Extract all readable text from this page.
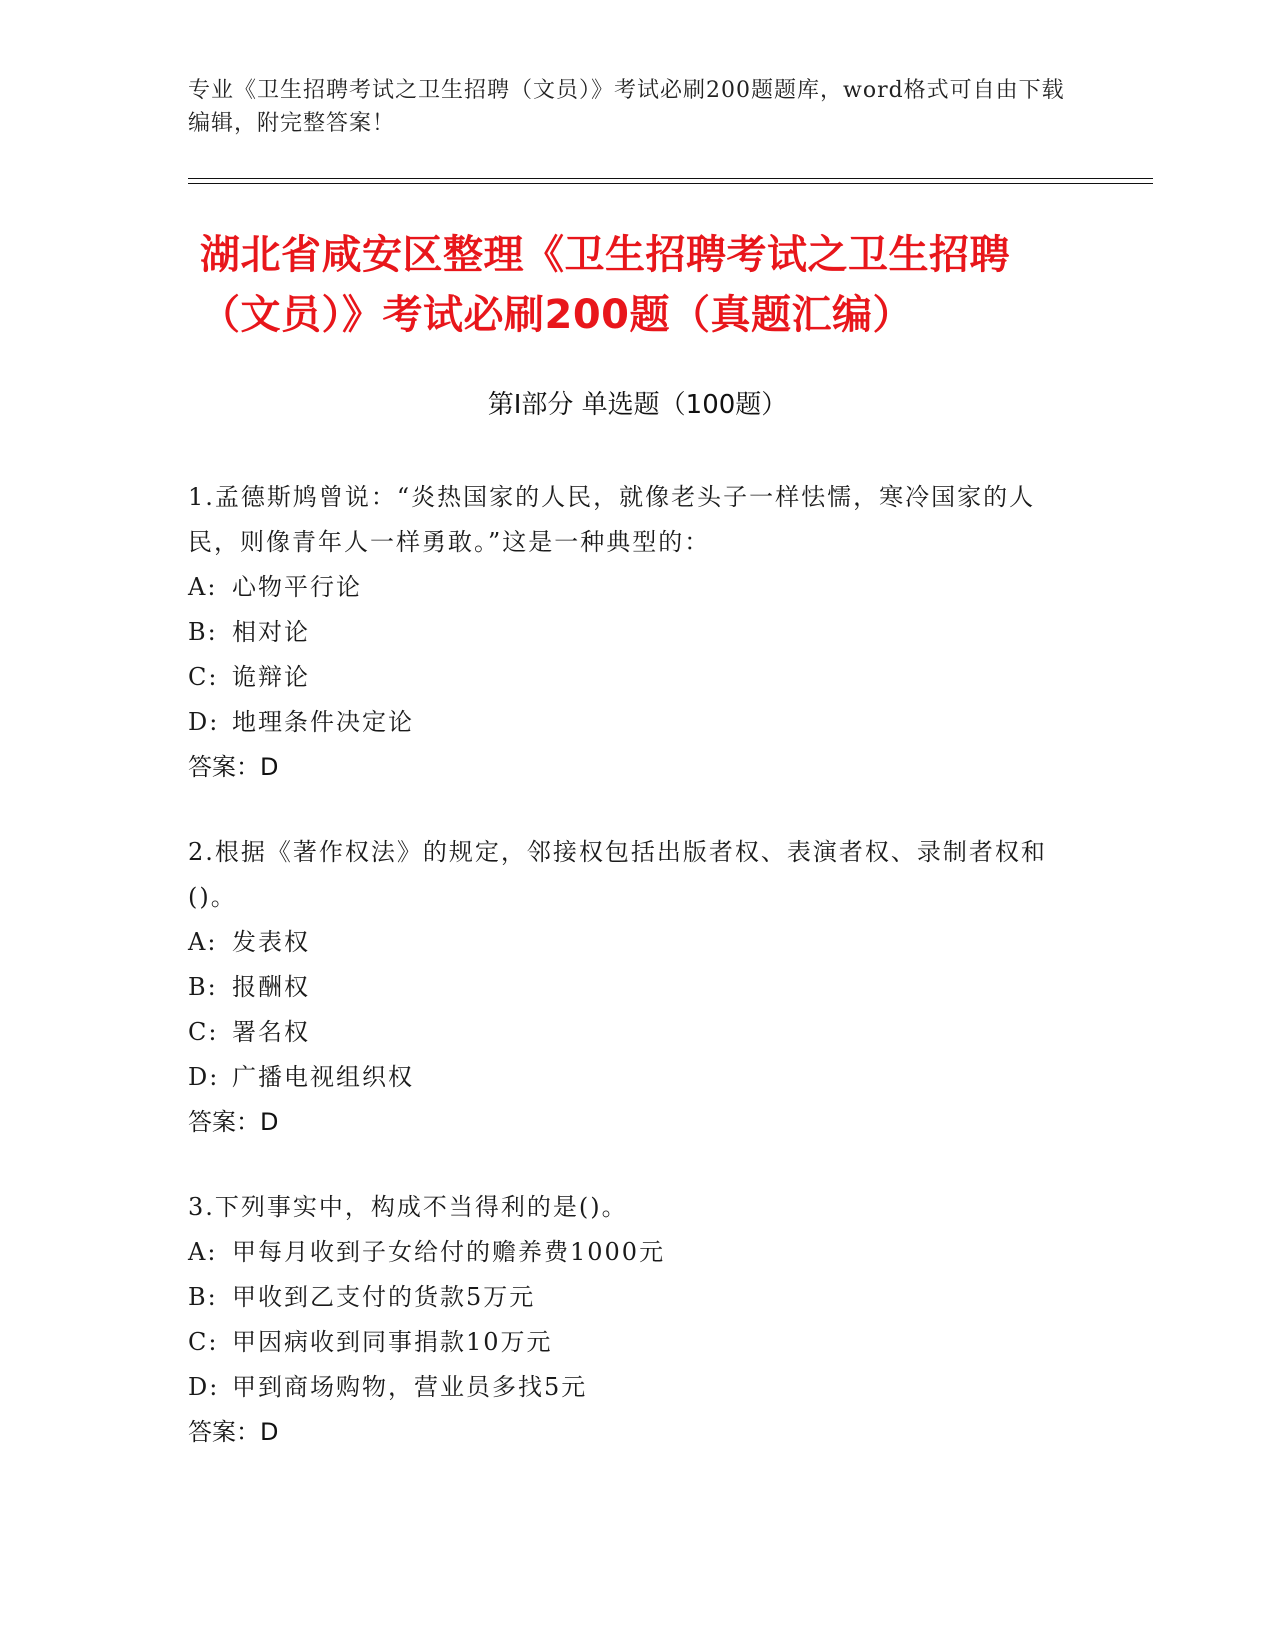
专业《卫生招聘考试之卫生招聘（文员）》考试必刷200题题库，word格式可自由下载编辑，附完整答案！
湖北省咸安区整理《卫生招聘考试之卫生招聘（文员）》考试必刷200题（真题汇编）
第Ⅰ部分 单选题（100题）

1.孟德斯鸠曾说：“炎热国家的人民，就像老头子一样怯懦，寒冷国家的人民，则像青年人一样勇敢。”这是一种典型的：

A: 心物平行论
B: 相对论
C: 诡辩论
D: 地理条件决定论
答案：D

2.根据《著作权法》的规定，邻接权包括出版者权、表演者权、录制者权和()。

A: 发表权
B: 报酬权
C: 署名权
D: 广播电视组织权
答案：D

3.下列事实中，构成不当得利的是()。

A: 甲每月收到子女给付的赡养费1000元
B: 甲收到乙支付的货款5万元
C: 甲因病收到同事捐款10万元
D: 甲到商场购物，营业员多找5元
答案：D
